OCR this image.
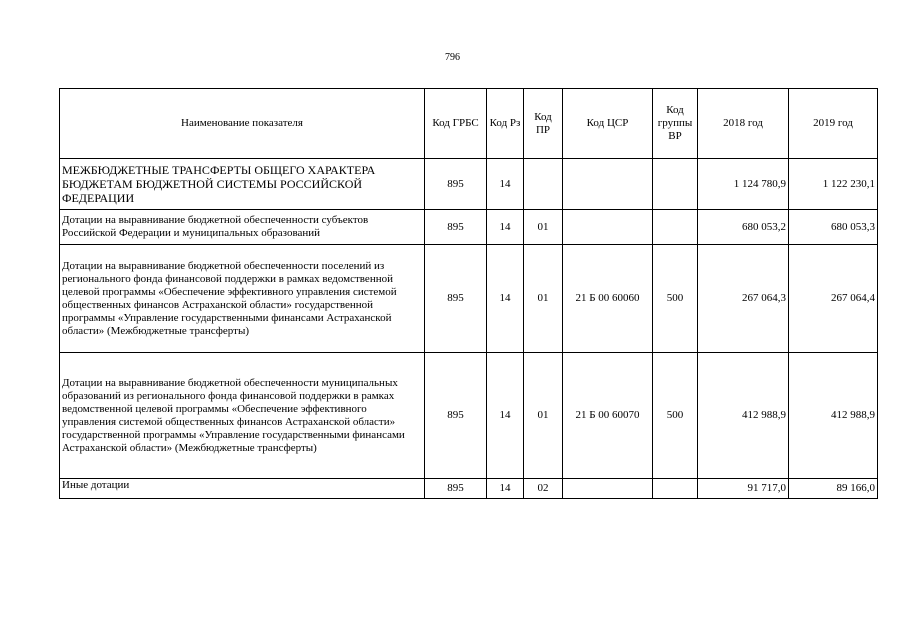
796
Наименование показателя	Код ГРБС	Код Рз	Код ПР	Код ЦСР	Код группы ВР	2018 год	2019 год
МЕЖБЮДЖЕТНЫЕ ТРАНСФЕРТЫ ОБЩЕГО ХАРАКТЕРА БЮДЖЕТАМ БЮДЖЕТНОЙ СИСТЕМЫ РОССИЙСКОЙ ФЕДЕРАЦИИ	895	14				1 124 780,9	1 122 230,1
Дотации на выравнивание бюджетной обеспеченности субъектов Российской Федерации и муниципальных образований	895	14	01			680 053,2	680 053,3
Дотации на выравнивание бюджетной обеспеченности поселений из регионального фонда финансовой поддержки в рамках ведомственной целевой программы «Обеспечение эффективного управления системой общественных финансов Астраханской области» государственной программы «Управление государственными финансами Астраханской области» (Межбюджетные трансферты)	895	14	01	21 Б 00 60060	500	267 064,3	267 064,4
Дотации на выравнивание бюджетной обеспеченности муниципальных образований из регионального фонда финансовой поддержки в рамках ведомственной целевой программы «Обеспечение эффективного управления системой общественных финансов Астраханской области» государственной программы «Управление государственными финансами Астраханской области» (Межбюджетные трансферты)	895	14	01	21 Б 00 60070	500	412 988,9	412 988,9
Иные дотации	895	14	02			91 717,0	89 166,0
